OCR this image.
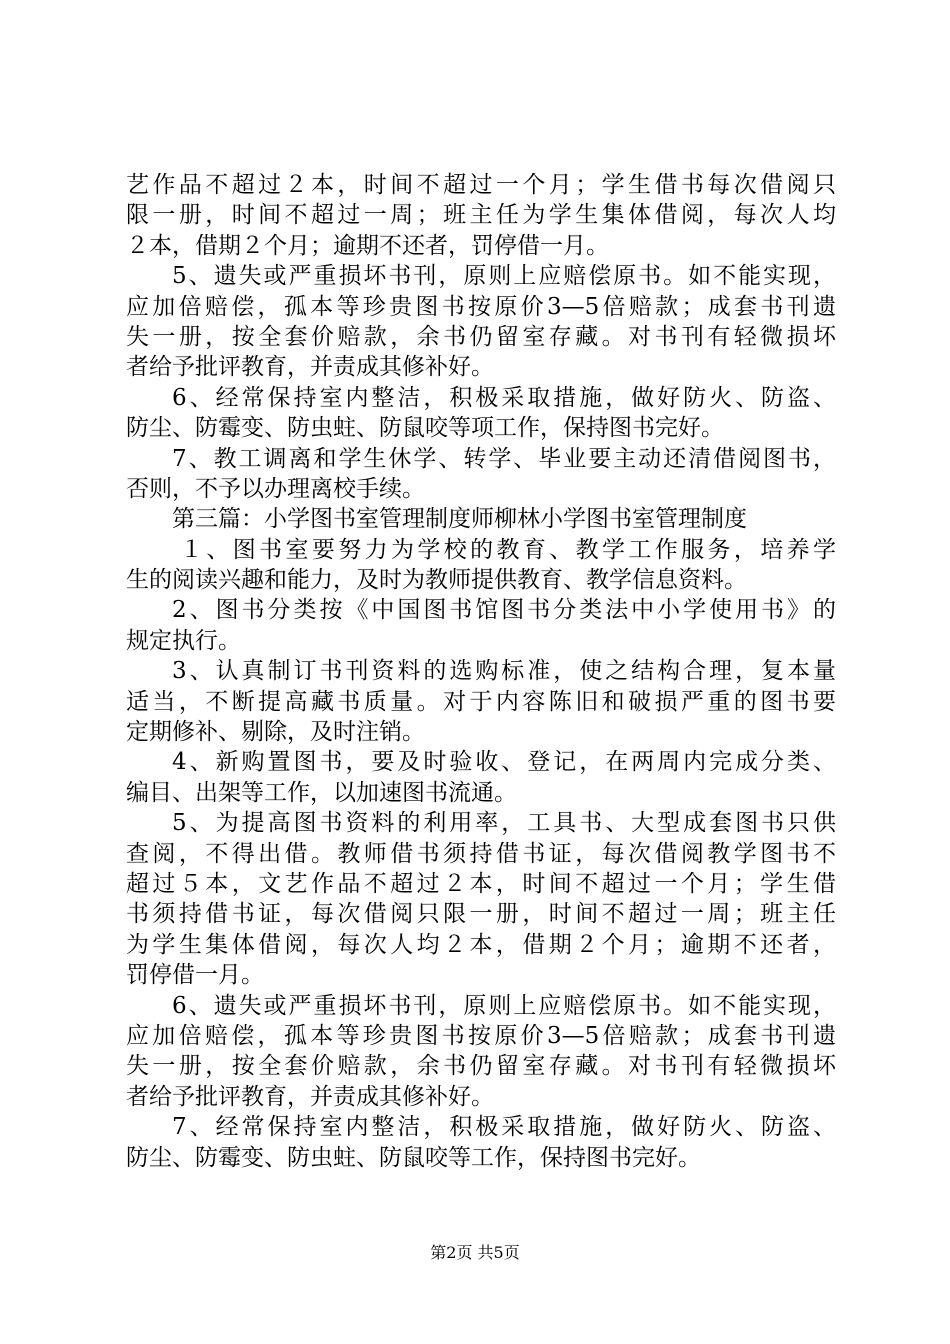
艺作品不超过２本，时间不超过一个月；学生借书每次借阅只
限一册，时间不超过一周；班主任为学生集体借阅，每次人均
２本，借期２个月；逾期不还者，罚停借一月。
5、遗失或严重损坏书刊，原则上应赔偿原书。如不能实现，
应加倍赔偿，孤本等珍贵图书按原价3—5倍赔款；成套书刊遗
失一册，按全套价赔款，余书仍留室存藏。对书刊有轻微损坏
者给予批评教育，并责成其修补好。
6、经常保持室内整洁，积极采取措施，做好防火、防盗、
防尘、防霉变、防虫蛀、防鼠咬等项工作，保持图书完好。
7、教工调离和学生休学、转学、毕业要主动还清借阅图书，
否则，不予以办理离校手续。
第三篇：小学图书室管理制度师柳林小学图书室管理制度
１、图书室要努力为学校的教育、教学工作服务，培养学
生的阅读兴趣和能力，及时为教师提供教育、教学信息资料。
2、图书分类按《中国图书馆图书分类法中小学使用书》的
规定执行。
3、认真制订书刊资料的选购标准，使之结构合理，复本量
适当，不断提高藏书质量。对于内容陈旧和破损严重的图书要
定期修补、剔除，及时注销。
4、新购置图书，要及时验收、登记，在两周内完成分类、
编目、出架等工作，以加速图书流通。
5、为提高图书资料的利用率，工具书、大型成套图书只供
查阅，不得出借。教师借书须持借书证，每次借阅教学图书不
超过５本，文艺作品不超过２本，时间不超过一个月；学生借
书须持借书证，每次借阅只限一册，时间不超过一周；班主任
为学生集体借阅，每次人均２本，借期２个月；逾期不还者，
罚停借一月。
6、遗失或严重损坏书刊，原则上应赔偿原书。如不能实现，
应加倍赔偿，孤本等珍贵图书按原价3—5倍赔款；成套书刊遗
失一册，按全套价赔款，余书仍留室存藏。对书刊有轻微损坏
者给予批评教育，并责成其修补好。
7、经常保持室内整洁，积极采取措施，做好防火、防盗、
防尘、防霉变、防虫蛀、防鼠咬等工作，保持图书完好。
第2页 共5页
